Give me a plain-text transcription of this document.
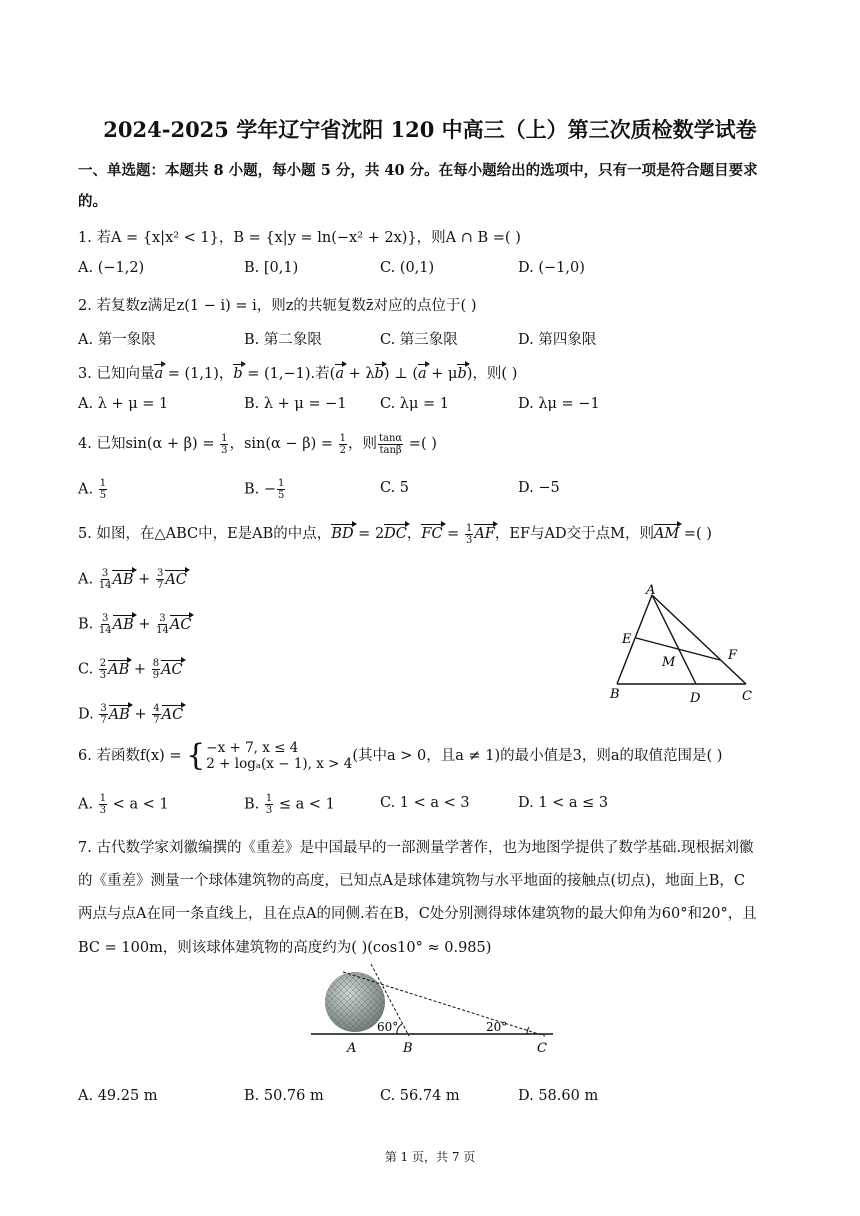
2024-2025 学年辽宁省沈阳 120 中高三（上）第三次质检数学试卷
一、单选题：本题共 8 小题，每小题 5 分，共 40 分。在每小题给出的选项中，只有一项是符合题目要求
的。
1. 若A = {x|x² < 1}，B = {x|y = ln(−x² + 2x)}，则A ∩ B =( )
A. (−1,2)	B. [0,1)	C. (0,1)	D. (−1,0)
2. 若复数z满足z(1 − i) = i，则z的共轭复数z̄对应的点位于( )
A. 第一象限	B. 第二象限	C. 第三象限	D. 第四象限
3. 已知向量a = (1,1)，b = (1,−1).若(a + λb) ⊥ (a + μb)，则( )
A. λ + μ = 1	B. λ + μ = −1 C. λμ = 1	D. λμ = −1
4. 已知$\sin(\alpha + \beta) = \frac{1}{3}$ ，$\sin(\alpha - \beta) = \frac{1}{2}$ ，则 $\frac{\tan\alpha}{\tan\beta}$ =( )
A. $\frac{1}{5}$	B. − $\frac{1}{5}$	C. 5	D. −5
5. 如图，在△ABC中，E是AB的中点，BD = 2DC，FC = $\frac{1}{3}$ AF，EF与AD交于点M，则AM =( )
A. $\frac{3}{14}$ AB + $\frac{3}{7}$ AC
B. $\frac{3}{14}$ AB + $\frac{3}{14}$ AC
C. $\frac{2}{3}$ AB + $\frac{8}{9}$ AC
D. $\frac{3}{7}$ AB + $\frac{4}{7}$ AC
A
E
F
M
B	D	C
6. 若函数f(x) = { −x + 7, x ≤ 4
2 + logₐ(x − 1), x > 4 (其中a > 0，且a ≠ 1)的最小值是3，则a的取值范围是( )
A. $\frac{1}{3} < a < 1$	B. $\frac{1}{3} \le a < 1$	C. 1 < a < 3	D. 1 < a ≤ 3
7. 古代数学家刘徽编撰的《重差》是中国最早的一部测量学著作，也为地图学提供了数学基础.现根据刘徽
的《重差》测量一个球体建筑物的高度，已知点A是球体建筑物与水平地面的接触点(切点)，地面上B，C
两点与点A在同一条直线上，且在点A的同侧.若在B，C处分别测得球体建筑物的最大仰角为60°和20°，且
BC = 100m，则该球体建筑物的高度约为( )(cos10° ≈ 0.985)
60°	20°
A	B	C
A. 49.25 m	B. 50.76 m	C. 56.74 m	D. 58.60 m
第 1 页，共 7 页
